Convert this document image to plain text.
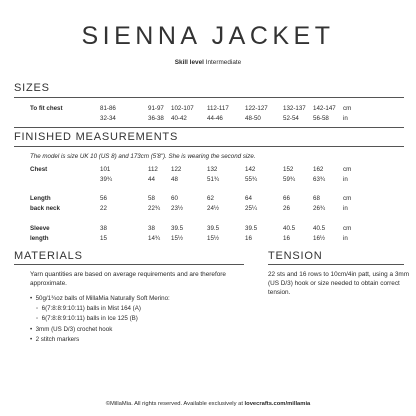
SIENNA JACKET
Skill level Intermediate
SIZES
To fit chest	81-86	91-97 102-107 112-117	122-127 132-137 142-147 cm
32-34	36-38 40-42	44-46	48-50	52-54 56-58 in
FINISHED MEASUREMENTS
The model is size UK 10 (US 8) and 173cm (5'8"). She is wearing the second size.
Chest	101	112 122	132	142	152	162	cm
39¾	44	48	51¾	55¾	59¾	63¾	in
Length
back neck
56	58	60	62	64	66	68	cm
22	22¾ 23½	24½	25¼	26	26¾	in
Sleeve
length
38	38	39.5	39.5	39.5	40.5	40.5	cm
15	14¾ 15½	15½	16	16	16½	in
MATERIALS
Yarn quantities are based on average requirements and are therefore approximate.
•  50g/1¾oz balls of MillaMia Naturally Soft Merino:
◦  6(7:8:8:9:10:11) balls in Mist 164 (A)
◦  6(7:8:8:9:10:11) balls in Ice 125 (B)
•  3mm (US D/3) crochet hook
•  2 stitch markers
TENSION
22 sts and 16 rows to 10cm/4in patt, using a 3mm (US D/3) hook or size needed to obtain correct tension.
©MillaMia. All rights reserved. Available exclusively at lovecrafts.com/millamia
